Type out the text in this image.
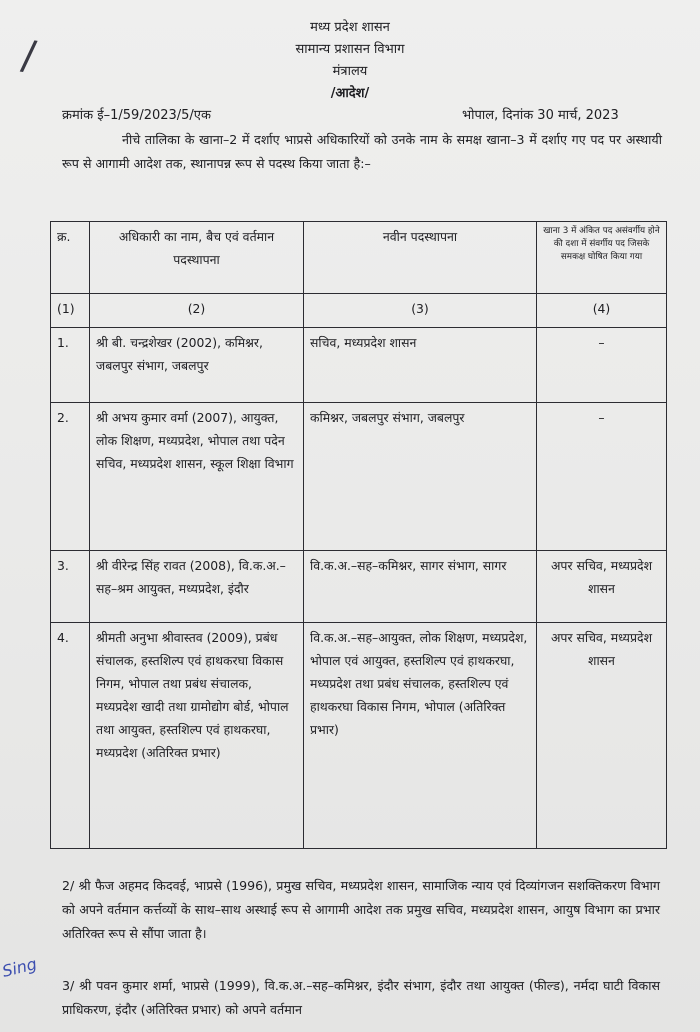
/
मध्य प्रदेश शासन
सामान्य प्रशासन विभाग
मंत्रालय
/आदेश/
क्रमांक ई–1/59/2023/5/एक	भोपाल, दिनांक 30 मार्च, 2023
नीचे तालिका के खाना–2 में दर्शाए भाप्रसे अधिकारियों को उनके नाम के समक्ष खाना–3 में दर्शाए गए पद पर अस्थायी रूप से आगामी आदेश तक, स्थानापन्न रूप से पदस्थ किया जाता है:–
क्र.	अधिकारी का नाम, बैच एवं वर्तमान पदस्थापना	नवीन पदस्थापना	खाना 3 में अंकित पद असंवर्गीय होने की दशा में संवर्गीय पद जिसके समकक्ष घोषित किया गया
(1)	(2)	(3)	(4)
1.	श्री बी. चन्द्रशेखर (2002), कमिश्नर, जबलपुर संभाग, जबलपुर	सचिव, मध्यप्रदेश शासन	–
2.	श्री अभय कुमार वर्मा (2007), आयुक्त, लोक शिक्षण, मध्यप्रदेश, भोपाल तथा पदेन सचिव, मध्यप्रदेश शासन, स्कूल शिक्षा विभाग	कमिश्नर, जबलपुर संभाग, जबलपुर	–
3.	श्री वीरेन्द्र सिंह रावत (2008), वि.क.अ.–सह–श्रम आयुक्त, मध्यप्रदेश, इंदौर	वि.क.अ.–सह–कमिश्नर, सागर संभाग, सागर	अपर सचिव, मध्यप्रदेश शासन
4.	श्रीमती अनुभा श्रीवास्तव (2009), प्रबंध संचालक, हस्तशिल्प एवं हाथकरघा विकास निगम, भोपाल तथा प्रबंध संचालक, मध्यप्रदेश खादी तथा ग्रामोद्योग बोर्ड, भोपाल तथा आयुक्त, हस्तशिल्प एवं हाथकरघा, मध्यप्रदेश (अतिरिक्त प्रभार)	वि.क.अ.–सह–आयुक्त, लोक शिक्षण, मध्यप्रदेश, भोपाल एवं आयुक्त, हस्तशिल्प एवं हाथकरघा, मध्यप्रदेश तथा प्रबंध संचालक, हस्तशिल्प एवं हाथकरघा विकास निगम, भोपाल (अतिरिक्त प्रभार)	अपर सचिव, मध्यप्रदेश शासन
2/ श्री फैज अहमद किदवई, भाप्रसे (1996), प्रमुख सचिव, मध्यप्रदेश शासन, सामाजिक न्याय एवं दिव्यांगजन सशक्तिकरण विभाग को अपने वर्तमान कर्त्तव्यों के साथ–साथ अस्थाई रूप से आगामी आदेश तक प्रमुख सचिव, मध्यप्रदेश शासन, आयुष विभाग का प्रभार अतिरिक्त रूप से सौंपा जाता है।
Sing
3/ श्री पवन कुमार शर्मा, भाप्रसे (1999), वि.क.अ.–सह–कमिश्नर, इंदौर संभाग, इंदौर तथा आयुक्त (फील्ड), नर्मदा घाटी विकास प्राधिकरण, इंदौर (अतिरिक्त प्रभार) को अपने वर्तमान
